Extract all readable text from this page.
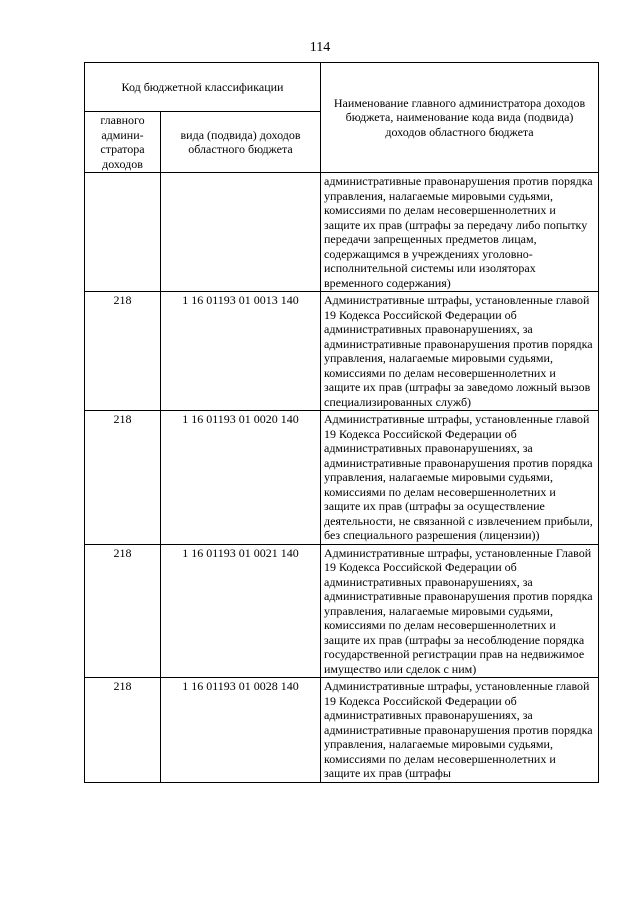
114
Код бюджетной классификации		Наименование главного администратора доходов бюджета, наименование кода вида (подвида) доходов областного бюджета
главного админи-стратора доходов	вида (подвида) доходов областного бюджета	
		административные правонарушения против порядка управления, налагаемые мировыми судьями, комиссиями по делам несовершеннолетних и защите их прав (штрафы за передачу либо попытку передачи запрещенных предметов лицам, содержащимся в учреждениях уголовно-исполнительной системы или изоляторах временного содержания)
218	1 16 01193 01 0013 140	Административные штрафы, установленные главой 19 Кодекса Российской Федерации об административных правонарушениях, за административные правонарушения против порядка управления, налагаемые мировыми судьями, комиссиями по делам несовершеннолетних и защите их прав (штрафы за заведомо ложный вызов специализированных служб)
218	1 16 01193 01 0020 140	Административные штрафы, установленные главой 19 Кодекса Российской Федерации об административных правонарушениях, за административные правонарушения против порядка управления, налагаемые мировыми судьями, комиссиями по делам несовершеннолетних и защите их прав (штрафы за осуществление деятельности, не связанной с извлечением прибыли, без специального разрешения (лицензии))
218	1 16 01193 01 0021 140	Административные штрафы, установленные Главой 19 Кодекса Российской Федерации об административных правонарушениях, за административные правонарушения против порядка управления, налагаемые мировыми судьями, комиссиями по делам несовершеннолетних и защите их прав (штрафы за несоблюдение порядка государственной регистрации прав на недвижимое имущество или сделок с ним)
218	1 16 01193 01 0028 140	Административные штрафы, установленные главой 19 Кодекса Российской Федерации об административных правонарушениях, за административные правонарушения против порядка управления, налагаемые мировыми судьями, комиссиями по делам несовершеннолетних и защите их прав (штрафы
